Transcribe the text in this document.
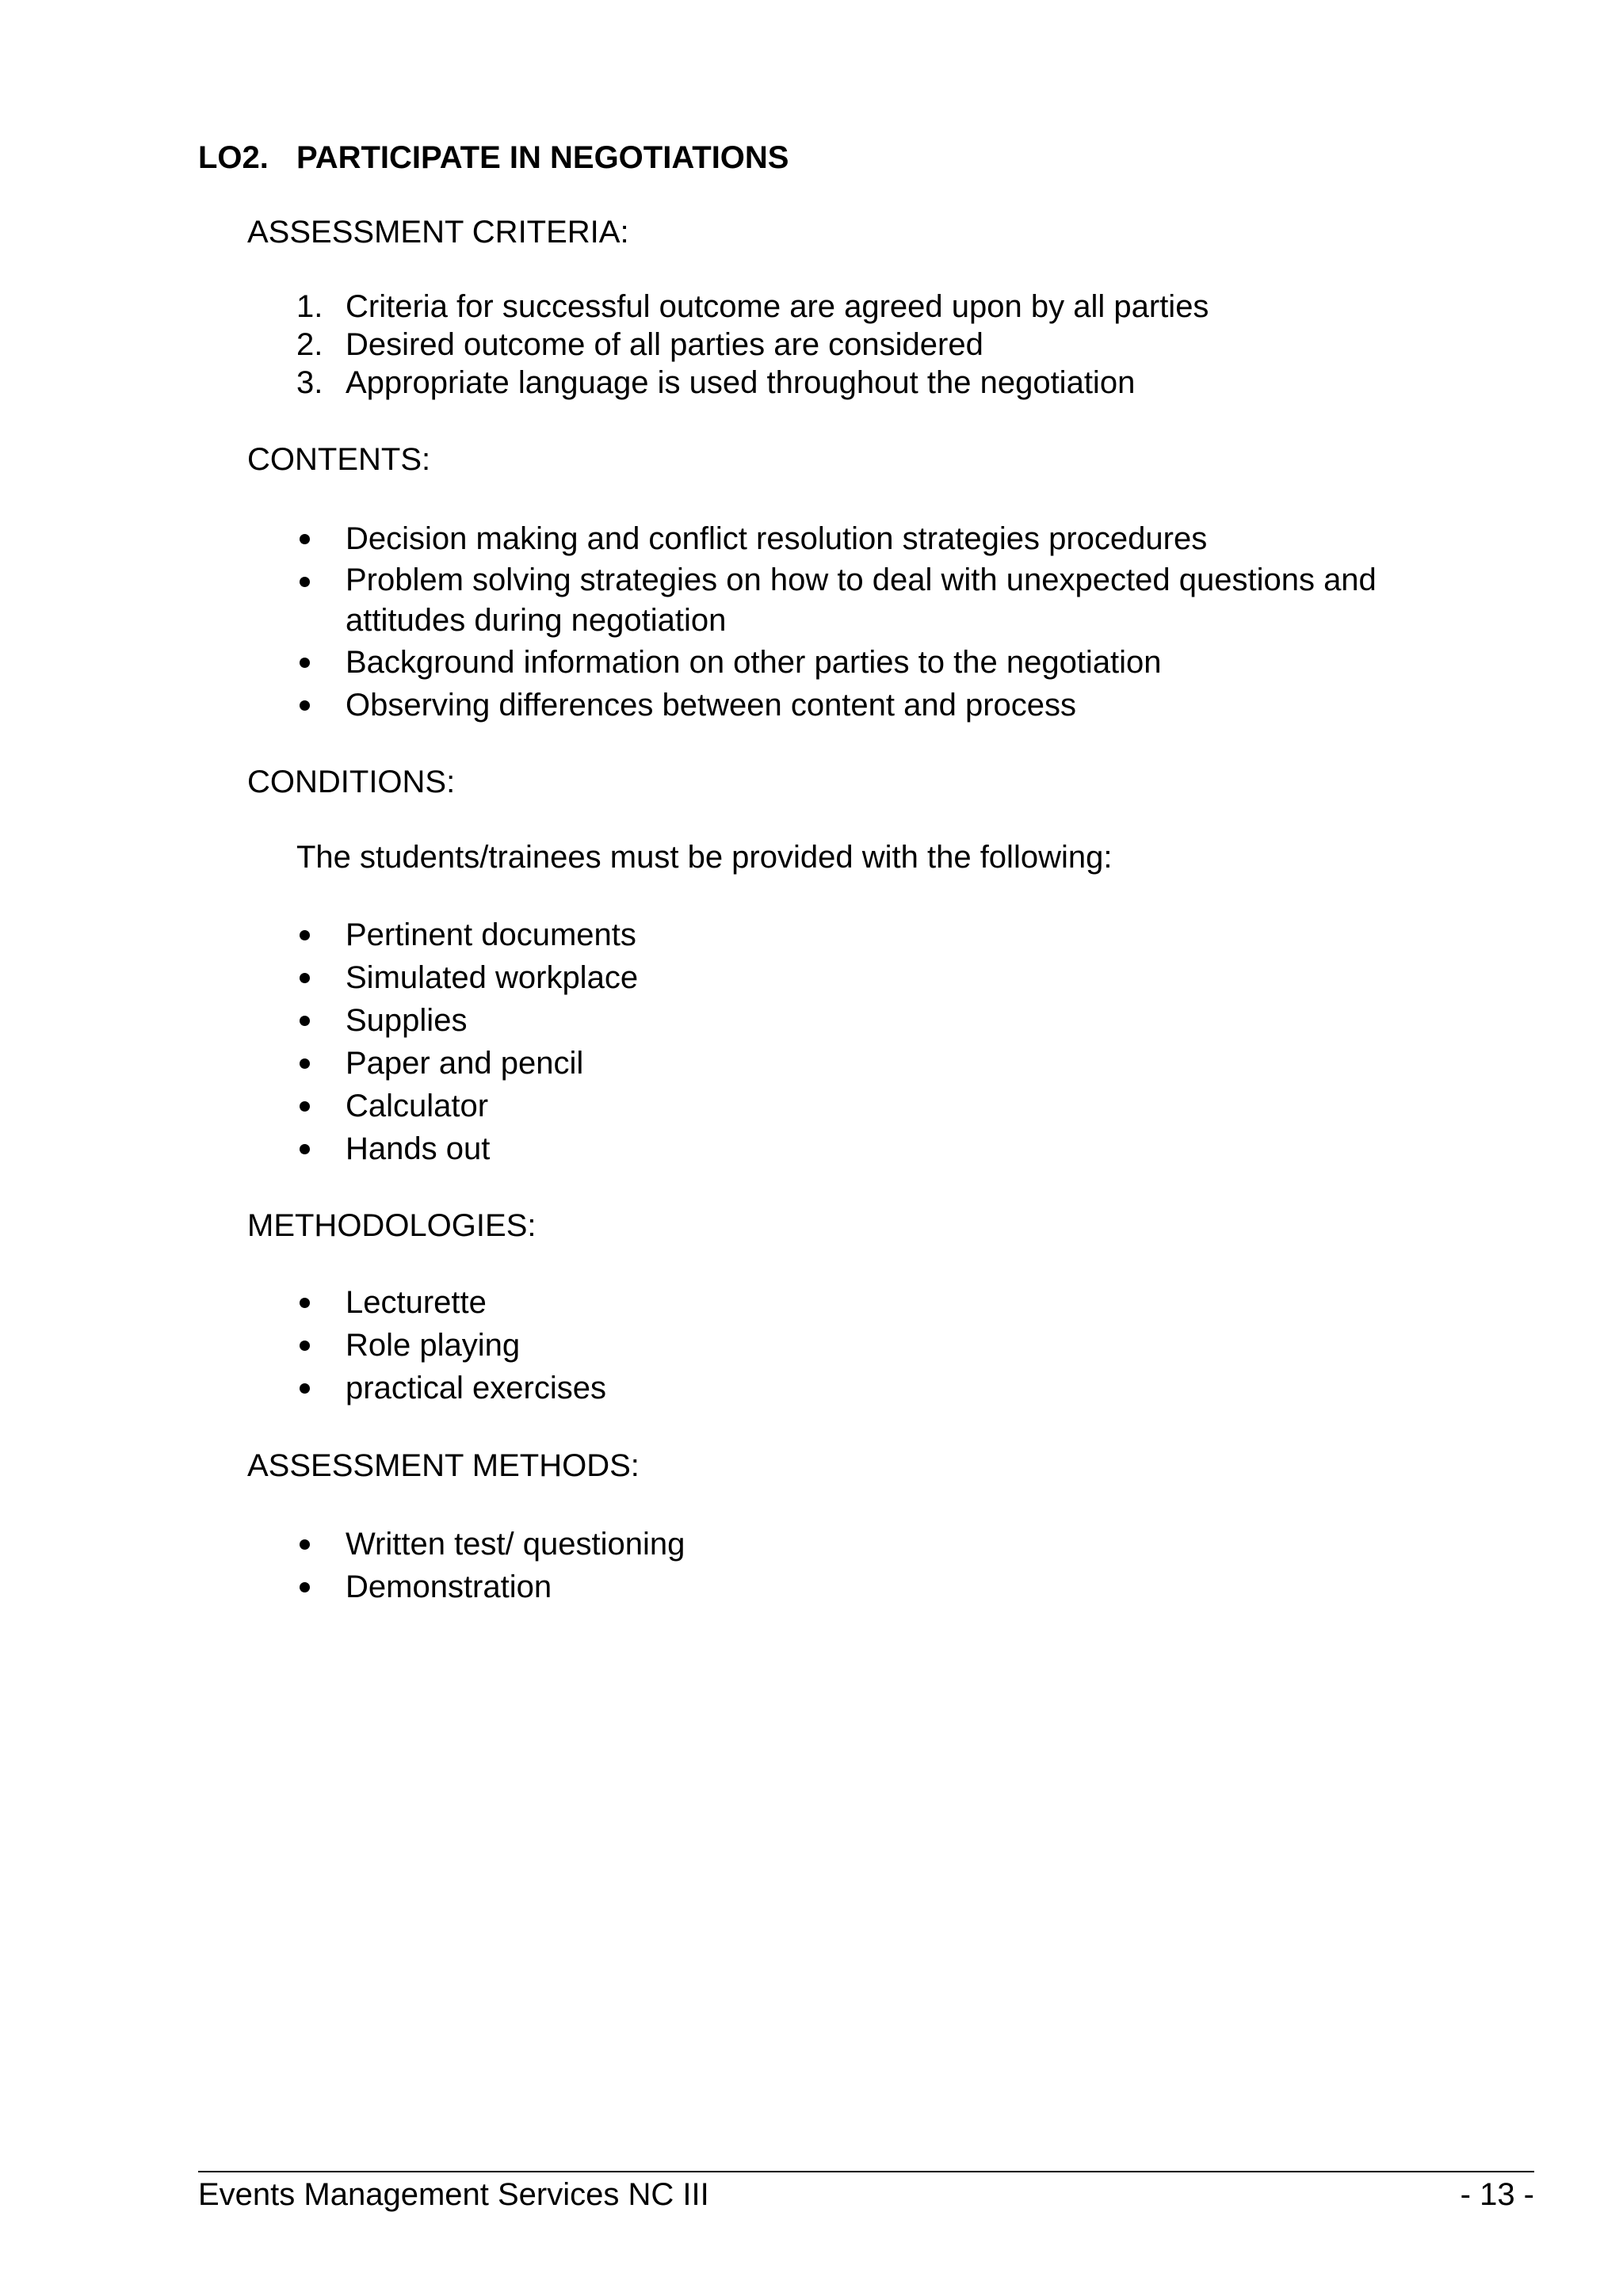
LO2. PARTICIPATE IN NEGOTIATIONS
ASSESSMENT CRITERIA:
1. Criteria for successful outcome are agreed upon by all parties
2. Desired outcome of all parties are considered
3. Appropriate language is used throughout the negotiation
CONTENTS:
Decision making and conflict resolution strategies procedures
Problem solving strategies on how to deal with unexpected questions and attitudes during negotiation
Background information on other parties to the negotiation
Observing differences between content and process
CONDITIONS:
The students/trainees must be provided with the following:
Pertinent documents
Simulated workplace
Supplies
Paper and pencil
Calculator
Hands out
METHODOLOGIES:
Lecturette
Role playing
practical exercises
ASSESSMENT METHODS:
Written test/ questioning
Demonstration
Events Management Services NC III	- 13 -
